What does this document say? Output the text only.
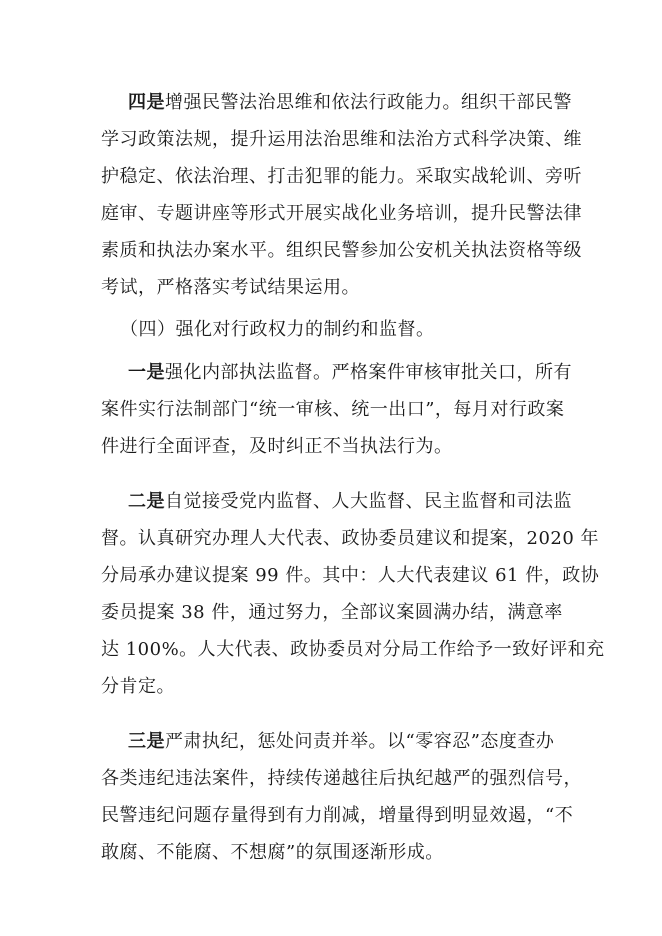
四是增强民警法治思维和依法行政能力。组织干部民警
学习政策法规，提升运用法治思维和法治方式科学决策、维
护稳定、依法治理、打击犯罪的能力。采取实战轮训、旁听
庭审、专题讲座等形式开展实战化业务培训，提升民警法律
素质和执法办案水平。组织民警参加公安机关执法资格等级
考试，严格落实考试结果运用。
（四）强化对行政权力的制约和监督。
一是强化内部执法监督。严格案件审核审批关口，所有
案件实行法制部门“统一审核、统一出口”，每月对行政案
件进行全面评查，及时纠正不当执法行为。
二是自觉接受党内监督、人大监督、民主监督和司法监
督。认真研究办理人大代表、政协委员建议和提案，2020 年
分局承办建议提案 99 件。其中：人大代表建议 61 件，政协
委员提案 38 件，通过努力，全部议案圆满办结，满意率
达 100%。人大代表、政协委员对分局工作给予一致好评和充
分肯定。
三是严肃执纪，惩处问责并举。以“零容忍”态度查办
各类违纪违法案件，持续传递越往后执纪越严的强烈信号，
民警违纪问题存量得到有力削减，增量得到明显效遏，“不
敢腐、不能腐、不想腐”的氛围逐渐形成。
